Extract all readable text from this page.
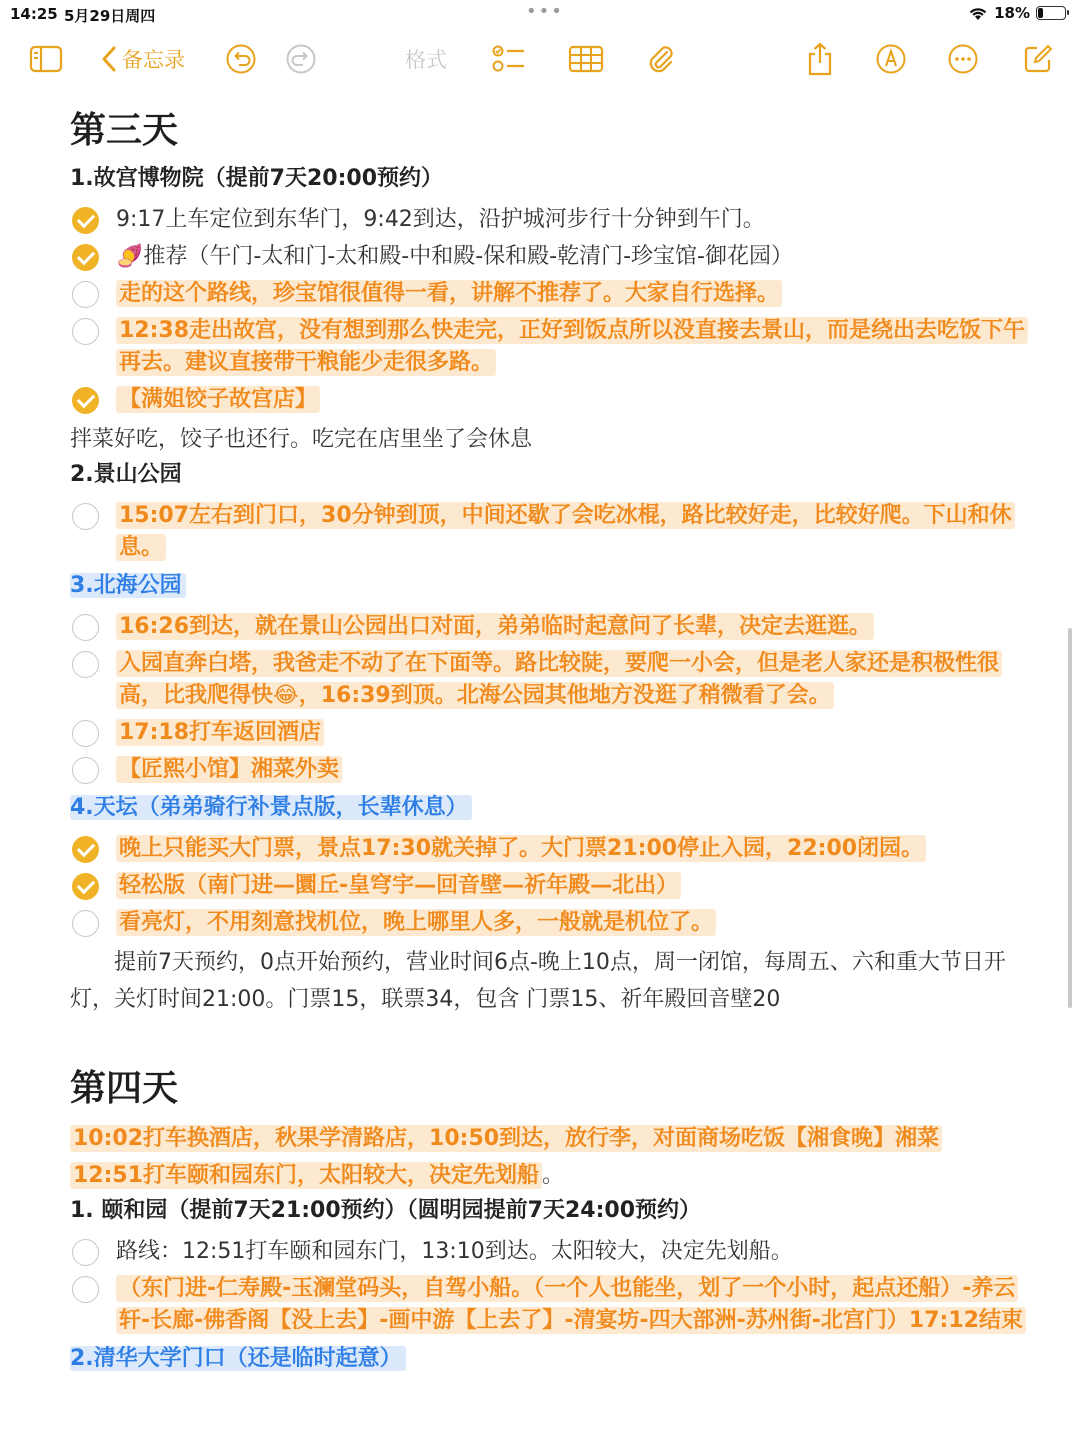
14:25 5月29日周四	•••	18%
备忘录	格式
第三天
1.故宫博物院（提前7天20:00预约）
9:17上车定位到东华门，9:42到达，沿护城河步行十分钟到午门。
🍠推荐（午门-太和门-太和殿-中和殿-保和殿-乾清门-珍宝馆-御花园）
走的这个路线，珍宝馆很值得一看，讲解不推荐了。大家自行选择。
12:38走出故宫，没有想到那么快走完，正好到饭点所以没直接去景山，而是绕出去吃饭下午再去。建议直接带干粮能少走很多路。
【满姐饺子故宫店】
拌菜好吃，饺子也还行。吃完在店里坐了会休息
2.景山公园
15:07左右到门口，30分钟到顶，中间还歇了会吃冰棍，路比较好走，比较好爬。下山和休息。
3.北海公园
16:26到达，就在景山公园出口对面，弟弟临时起意问了长辈，决定去逛逛。
入园直奔白塔，我爸走不动了在下面等。路比较陡，要爬一小会，但是老人家还是积极性很高，比我爬得快😂，16:39到顶。北海公园其他地方没逛了稍微看了会。
17:18打车返回酒店
【匠熙小馆】湘菜外卖
4.天坛（弟弟骑行补景点版，长辈休息）
晚上只能买大门票，景点17:30就关掉了。大门票21:00停止入园，22:00闭园。
轻松版（南门进—圜丘-皇穹宇—回音壁—祈年殿—北出）
看亮灯，不用刻意找机位，晚上哪里人多，一般就是机位了。
提前7天预约，0点开始预约，营业时间6点-晚上10点，周一闭馆，每周五、六和重大节日开灯，关灯时间21:00。门票15，联票34，包含 门票15、祈年殿回音壁20
第四天
10:02打车换酒店，秋果学清路店，10:50到达，放行李，对面商场吃饭【湘食晚】湘菜
12:51打车颐和园东门，太阳较大，决定先划船 。
1. 颐和园（提前7天21:00预约）（圆明园提前7天24:00预约）
路线：12:51打车颐和园东门，13:10到达。太阳较大，决定先划船。
（东门进-仁寿殿-玉澜堂码头，自驾小船。（一个人也能坐，划了一个小时，起点还船）-养云轩-长廊-佛香阁【没上去】-画中游【上去了】-清宴坊-四大部洲-苏州街-北宫门）17:12结束
2.清华大学门口（还是临时起意）
